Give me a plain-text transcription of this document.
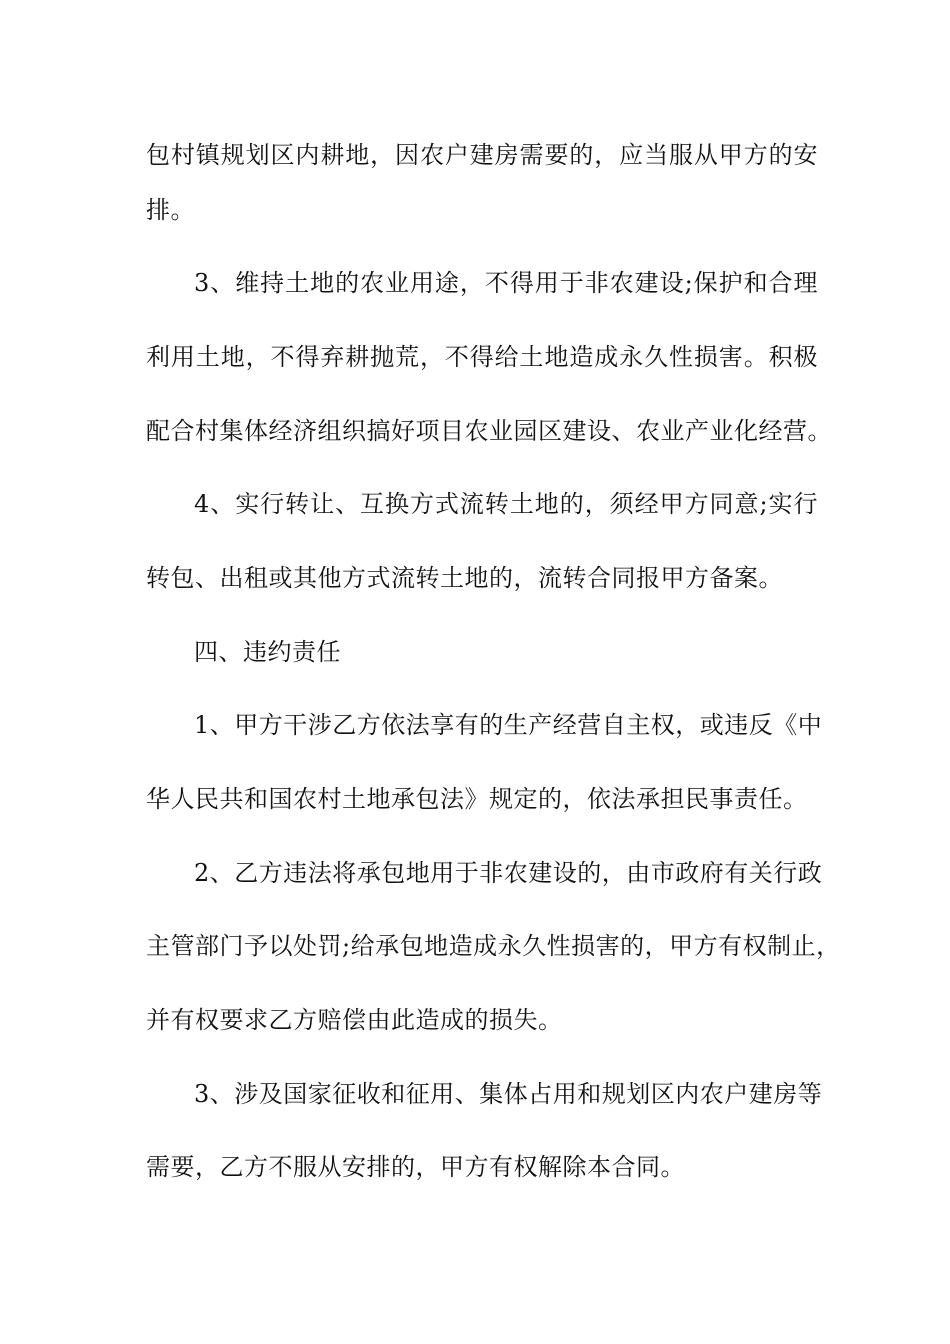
包村镇规划区内耕地，因农户建房需要的，应当服从甲方的安

排。

3、维持土地的农业用途，不得用于非农建设;保护和合理

利用土地，不得弃耕抛荒，不得给土地造成永久性损害。积极

配合村集体经济组织搞好项目农业园区建设、农业产业化经营。

4、实行转让、互换方式流转土地的，须经甲方同意;实行

转包、出租或其他方式流转土地的，流转合同报甲方备案。

四、违约责任

1、甲方干涉乙方依法享有的生产经营自主权，或违反《中

华人民共和国农村土地承包法》规定的，依法承担民事责任。

2、乙方违法将承包地用于非农建设的，由市政府有关行政

主管部门予以处罚;给承包地造成永久性损害的，甲方有权制止，

并有权要求乙方赔偿由此造成的损失。

3、涉及国家征收和征用、集体占用和规划区内农户建房等

需要，乙方不服从安排的，甲方有权解除本合同。
